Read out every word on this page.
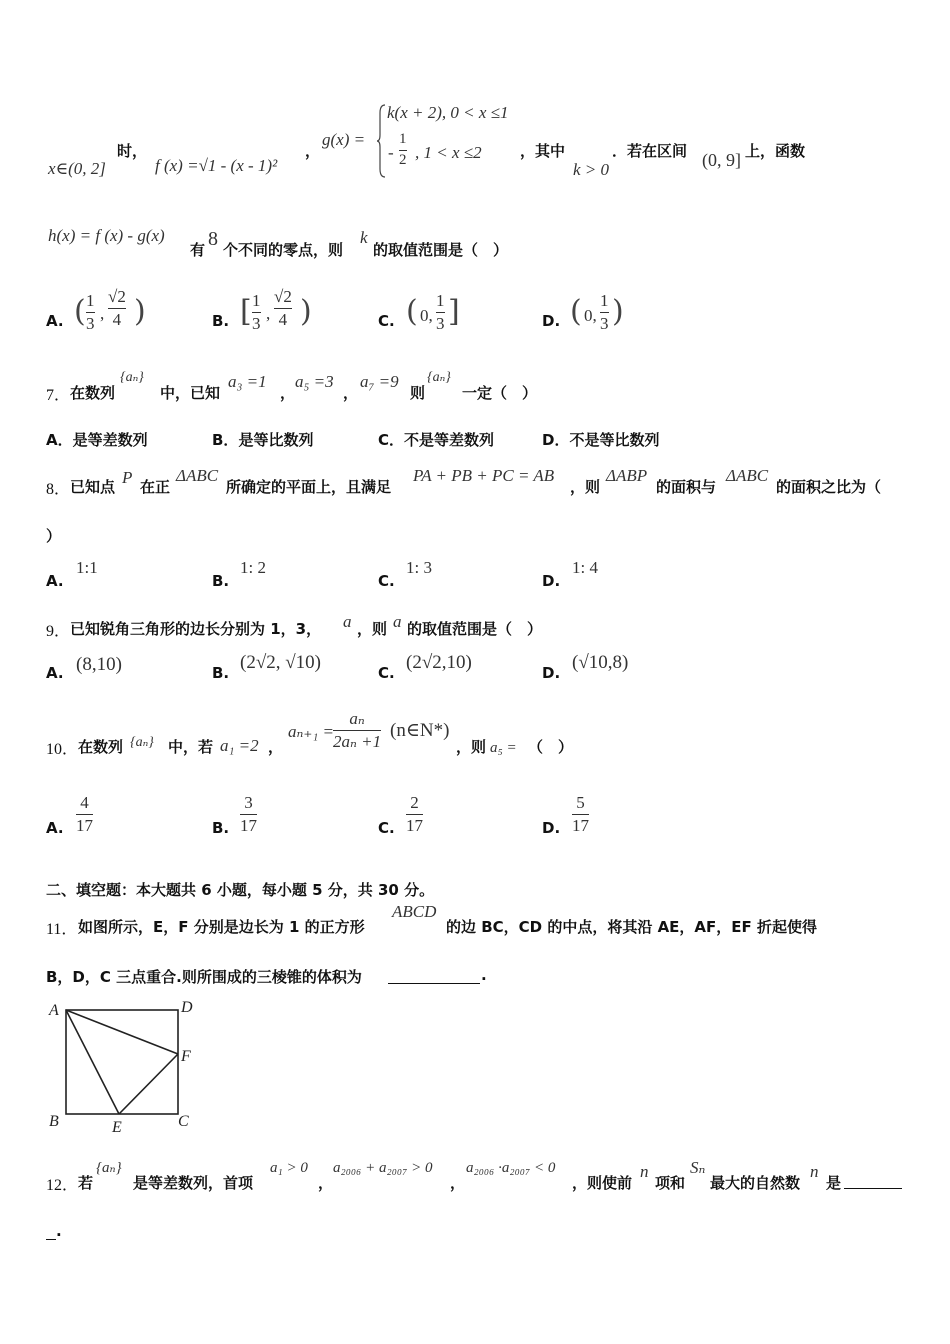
时，
x∈(0, 2]	f (x) =√1 - (x - 1)²
，
g(x) =
k(x + 2), 0 < x ≤1
-
1
2 , 1 < x ≤2	，其中
k > 0
．若在区间 (0, 9] 上，函数
h(x) = f (x) - g(x)
有 8 个不同的零点，则
k
的取值范围是（　）
A. ( 1
3
,
√2
4 )	B. [ 1
3
,
√2
4 )	C. ( 0,
1
3 ]	D. ( 0,
1
3 )
7． 在数列
{aₙ}
中，已知
a₃ =1
，
a₅ =3
，
a₇ =9
则
{aₙ}
一定（　）
A．是等差数列	B．是等比数列	C．不是等差数列	D．不是等比数列
8． 已知点 P 在正
ΔABC
所确定的平面上，且满足
PA + PB + PC = AB
，则
ΔABP
的面积与
ΔABC
的面积之比为（
）
A.
1:1
B.
1: 2
C.
1: 3
D.
1: 4
9． 已知锐角三角形的边长分别为 1，3， a ，则 a 的取值范围是（　）
A. (8,10)	B. (2√2, √10)	C. (2√2,10)	D. (√10,8)
10． 在数列 {aₙ} 中，若 a₁ =2 ，
aₙ₊₁ =
aₙ
2aₙ +1
(n∈N*)
，则 a₅ = （　）
A.
4
17	B.
3
17	C.
2
17	D.
5
17
二、填空题：本大题共 6 小题，每小题 5 分，共 30 分。
11． 如图所示，E，F 分别是边长为 1 的正方形
ABCD
的边 BC，CD 的中点，将其沿 AE，AF，EF 折起使得
B，D，C 三点重合.则所围成的三棱锥的体积为	.
A	D
F
B	E	C
12． 若
{aₙ}
是等差数列，首项
a₁ > 0
，
a₂₀₀₆ + a₂₀₀₇ > 0
，
a₂₀₀₆ ·a₂₀₀₇ < 0
，则使前
n
项和
Sₙ
最大的自然数
n
是
.
